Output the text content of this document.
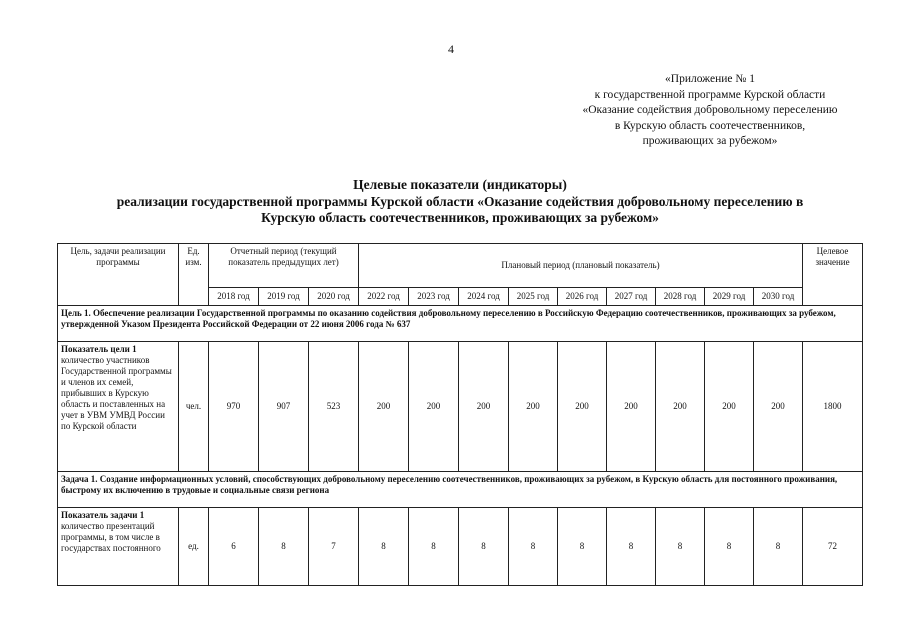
4
«Приложение № 1
к государственной программе Курской области
«Оказание содействия добровольному переселению
в Курскую область соотечественников,
проживающих за рубежом»
Целевые показатели (индикаторы)
реализации государственной программы Курской области «Оказание содействия добровольному переселению в
Курскую область соотечественников, проживающих за рубежом»
Цель, задачи реализации программы	Ед. изм.	Отчетный период (текущий показатель предыдущих лет)			Плановый период (плановый показатель)									Целевое значение
		2018 год	2019 год	2020 год	2022 год	2023 год	2024 год	2025 год	2026 год	2027 год	2028 год	2029 год	2030 год	
Цель 1. Обеспечение реализации Государственной программы по оказанию содействия добровольному переселению в Российскую Федерацию соотечественников, проживающих за рубежом, утвержденной Указом Президента Российской Федерации от 22 июня 2006 года № 637														
Показатель цели 1
количество участников Государственной программы и членов их семей, прибывших в Курскую область и поставленных на учет в УВМ УМВД России по Курской области	чел.	970	907	523	200	200	200	200	200	200	200	200	200	1800
Задача 1. Создание информационных условий, способствующих добровольному переселению соотечественников, проживающих за рубежом, в Курскую область для постоянного проживания, быстрому их включению в трудовые и социальные связи региона														
Показатель задачи 1
количество презентаций программы, в том числе в государствах постоянного	ед.	6	8	7	8	8	8	8	8	8	8	8	8	72
